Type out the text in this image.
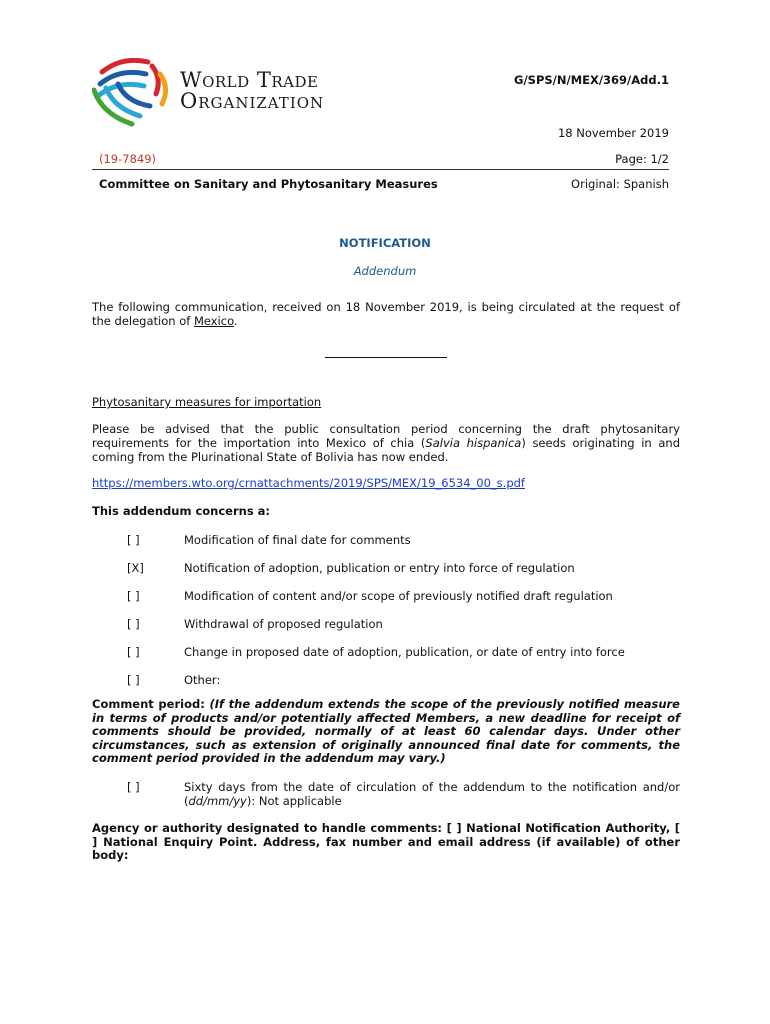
World Trade
Organization
G/SPS/N/MEX/369/Add.1
18 November 2019
(19-7849)	Page: 1/2
Committee on Sanitary and Phytosanitary Measures	Original: Spanish
NOTIFICATION
Addendum
The following communication, received on 18 November 2019, is being circulated at the request of the delegation of Mexico.
Phytosanitary measures for importation
Please be advised that the public consultation period concerning the draft phytosanitary requirements for the importation into Mexico of chia (Salvia hispanica) seeds originating in and coming from the Plurinational State of Bolivia has now ended.
https://members.wto.org/crnattachments/2019/SPS/MEX/19_6534_00_s.pdf
This addendum concerns a:
[ ]	Modification of final date for comments
[X]	Notification of adoption, publication or entry into force of regulation
[ ]	Modification of content and/or scope of previously notified draft regulation
[ ]	Withdrawal of proposed regulation
[ ]	Change in proposed date of adoption, publication, or date of entry into force
[ ]	Other:
Comment period: (If the addendum extends the scope of the previously notified measure in terms of products and/or potentially affected Members, a new deadline for receipt of comments should be provided, normally of at least 60 calendar days. Under other circumstances, such as extension of originally announced final date for comments, the comment period provided in the addendum may vary.)
[ ]	Sixty days from the date of circulation of the addendum to the notification and/or (dd/mm/yy): Not applicable
Agency or authority designated to handle comments: [ ] National Notification Authority, [ ] National Enquiry Point. Address, fax number and email address (if available) of other body:
